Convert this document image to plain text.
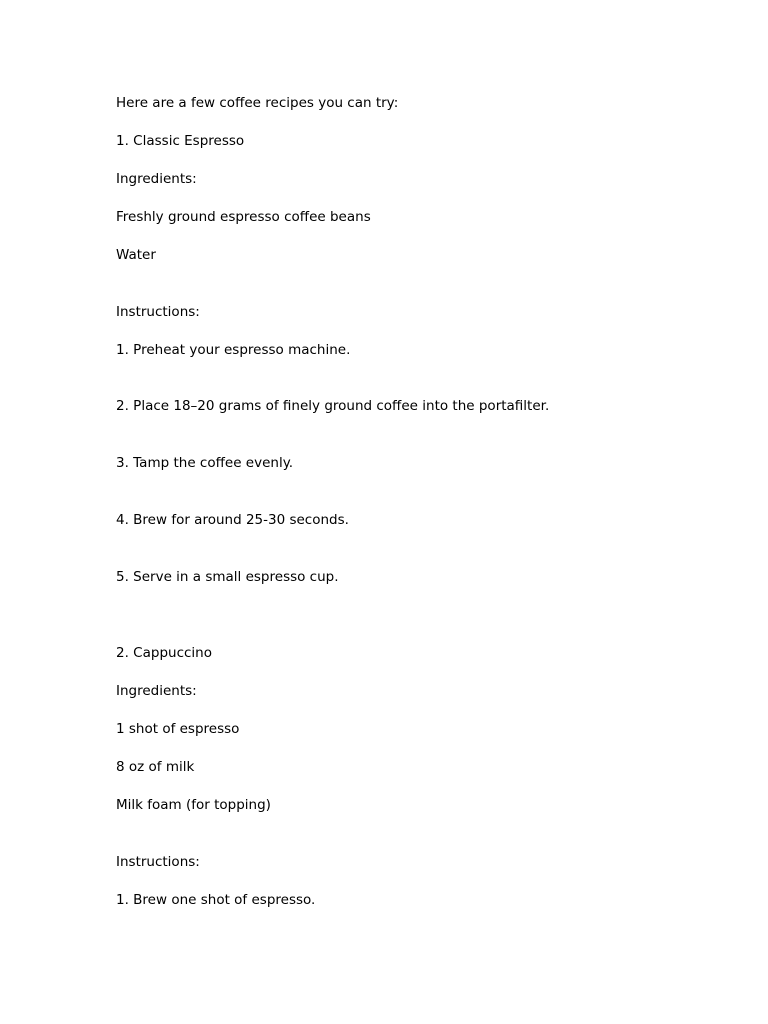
Here are a few coffee recipes you can try:
1. Classic Espresso
Ingredients:
Freshly ground espresso coffee beans
Water
Instructions:
1. Preheat your espresso machine.
2. Place 18–20 grams of finely ground coffee into the portafilter.
3. Tamp the coffee evenly.
4. Brew for around 25-30 seconds.
5. Serve in a small espresso cup.
2. Cappuccino
Ingredients:
1 shot of espresso
8 oz of milk
Milk foam (for topping)
Instructions:
1. Brew one shot of espresso.
